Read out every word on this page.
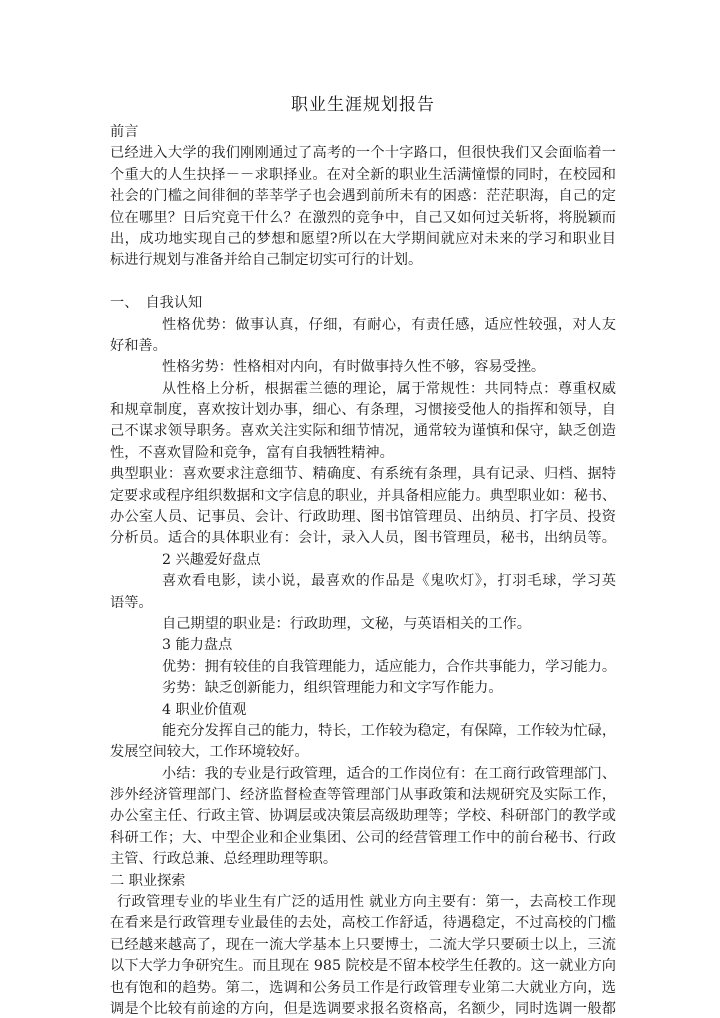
职业生涯规划报告
前言
已经进入大学的我们刚刚通过了高考的一个十字路口，但很快我们又会面临着一
个重大的人生抉择－－求职择业。在对全新的职业生活满憧憬的同时，在校园和
社会的门槛之间徘徊的莘莘学子也会遇到前所未有的困惑：茫茫职海，自己的定
位在哪里？日后究竟干什么？在激烈的竞争中，自己又如何过关斩将，将脱颖而
出，成功地实现自己的梦想和愿望?所以在大学期间就应对未来的学习和职业目
标进行规划与准备并给自己制定切实可行的计划。
一、　自我认知
性格优势：做事认真，仔细，有耐心，有责任感，适应性较强，对人友
好和善。
性格劣势：性格相对内向，有时做事持久性不够，容易受挫。
从性格上分析，根据霍兰德的理论，属于常规性：共同特点：尊重权威
和规章制度，喜欢按计划办事，细心、有条理，习惯接受他人的指挥和领导，自
己不谋求领导职务。喜欢关注实际和细节情况，通常较为谨慎和保守，缺乏创造
性，不喜欢冒险和竞争，富有自我牺牲精神。
典型职业：喜欢要求注意细节、精确度、有系统有条理，具有记录、归档、据特
定要求或程序组织数据和文字信息的职业，并具备相应能力。典型职业如：秘书、
办公室人员、记事员、会计、行政助理、图书馆管理员、出纳员、打字员、投资
分析员。适合的具体职业有：会计，录入人员，图书管理员，秘书，出纳员等。
2 兴趣爱好盘点
喜欢看电影，读小说，最喜欢的作品是《鬼吹灯》，打羽毛球，学习英
语等。
自己期望的职业是：行政助理，文秘，与英语相关的工作。
3 能力盘点
优势：拥有较佳的自我管理能力，适应能力，合作共事能力，学习能力。
劣势：缺乏创新能力，组织管理能力和文字写作能力。
4 职业价值观
能充分发挥自己的能力，特长，工作较为稳定，有保障，工作较为忙碌，
发展空间较大，工作环境较好。
小结：我的专业是行政管理，适合的工作岗位有：在工商行政管理部门、
涉外经济管理部门、经济监督检查等管理部门从事政策和法规研究及实际工作，
办公室主任、行政主管、协调层或决策层高级助理等；学校、科研部门的教学或
科研工作；大、中型企业和企业集团、公司的经营管理工作中的前台秘书、行政
主管、行政总兼、总经理助理等职。
二 职业探索
行政管理专业的毕业生有广泛的适用性 就业方向主要有：第一，去高校工作现
在看来是行政管理专业最佳的去处，高校工作舒适，待遇稳定，不过高校的门槛
已经越来越高了，现在一流大学基本上只要博士，二流大学只要硕士以上，三流
以下大学力争研究生。而且现在 985 院校是不留本校学生任教的。这一就业方向
也有饱和的趋势。第二，选调和公务员工作是行政管理专业第二大就业方向，选
调是个比较有前途的方向，但是选调要求报名资格高，名额少，同时选调一般都
